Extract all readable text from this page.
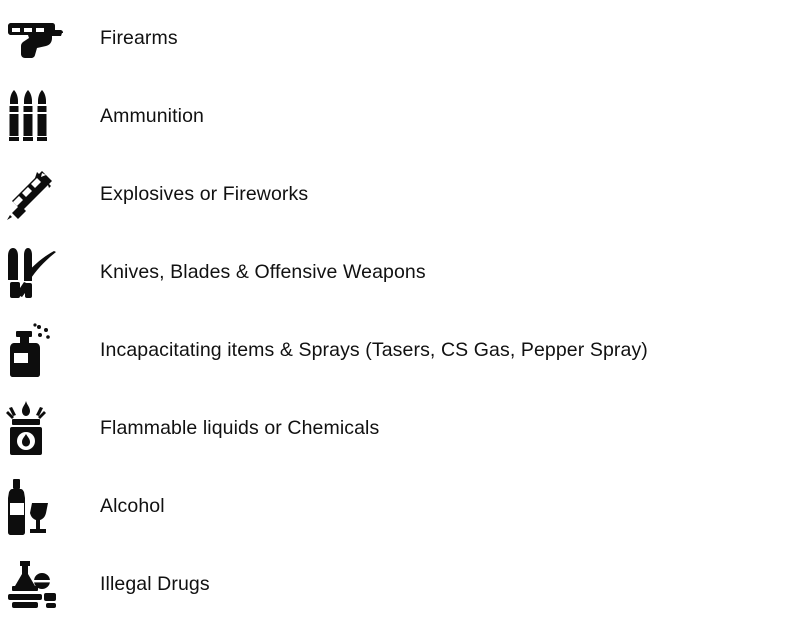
Firearms
Ammunition
Explosives or Fireworks
Knives, Blades & Offensive Weapons
Incapacitating items & Sprays (Tasers, CS Gas, Pepper Spray)
Flammable liquids or Chemicals
Alcohol
Illegal Drugs
